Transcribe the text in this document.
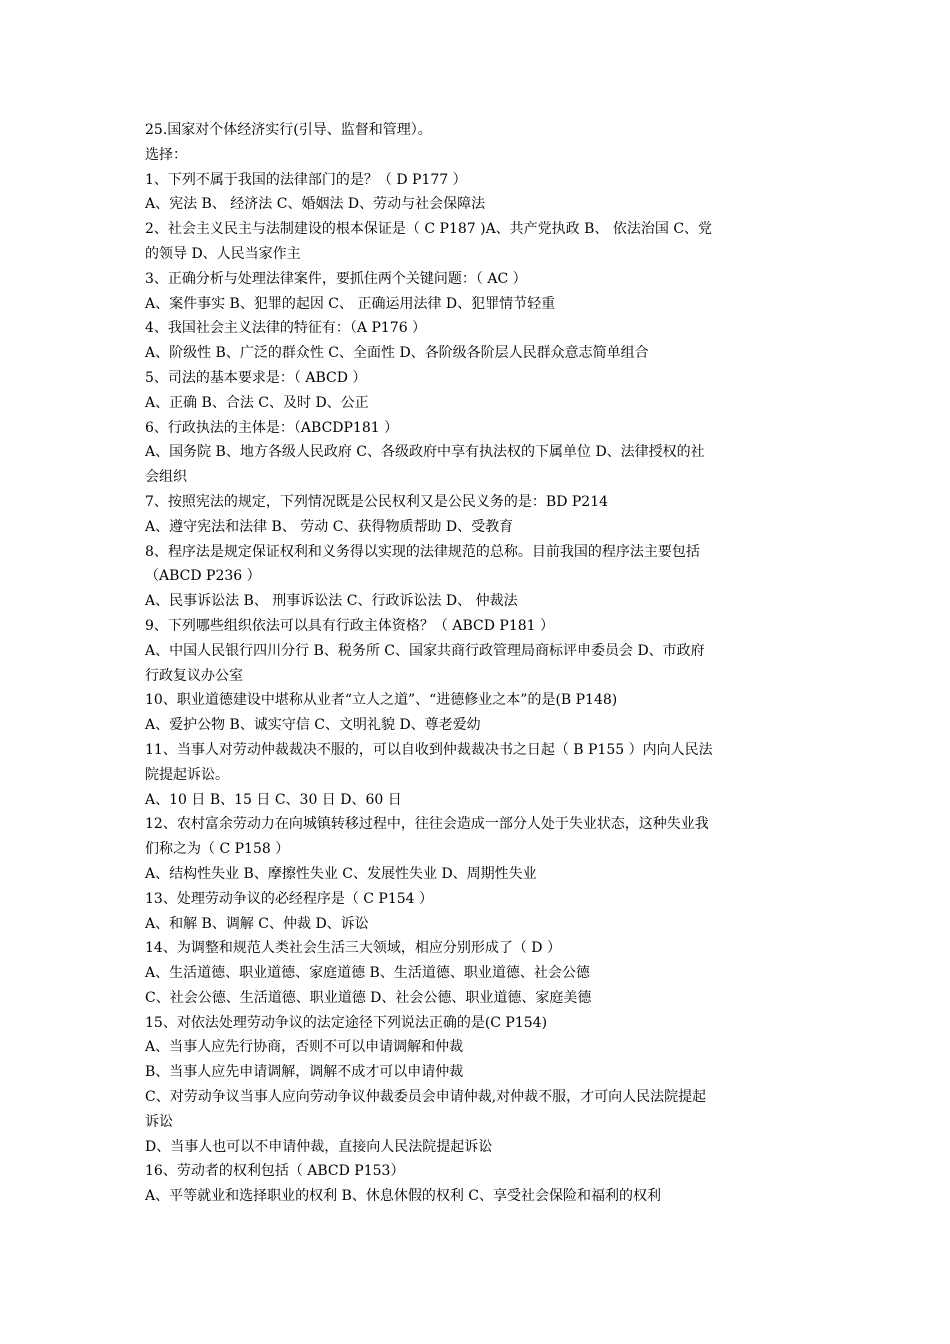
25.国家对个体经济实行(引导、监督和管理）。
选择：
1、下列不属于我国的法律部门的是？（ D P177 ）
A、宪法 B、 经济法 C、婚姻法 D、劳动与社会保障法
2、社会主义民主与法制建设的根本保证是（ C P187 )A、共产党执政 B、 依法治国 C、党
的领导 D、人民当家作主
3、正确分析与处理法律案件，要抓住两个关键问题：（ AC ）
A、案件事实 B、犯罪的起因 C、 正确运用法律 D、犯罪情节轻重
4、我国社会主义法律的特征有：（A P176 ）
A、阶级性 B、广泛的群众性 C、全面性 D、各阶级各阶层人民群众意志简单组合
5、司法的基本要求是：（ ABCD ）
A、正确 B、合法 C、及时 D、公正
6、行政执法的主体是：（ABCDP181 ）
A、国务院 B、地方各级人民政府 C、各级政府中享有执法权的下属单位 D、法律授权的社
会组织
7、按照宪法的规定，下列情况既是公民权利又是公民义务的是：BD P214
A、遵守宪法和法律 B、 劳动 C、获得物质帮助 D、受教育
8、程序法是规定保证权利和义务得以实现的法律规范的总称。目前我国的程序法主要包括
（ABCD P236 ）
A、民事诉讼法 B、 刑事诉讼法 C、行政诉讼法 D、 仲裁法
9、下列哪些组织依法可以具有行政主体资格？（ ABCD P181 ）
A、中国人民银行四川分行 B、税务所 C、国家共商行政管理局商标评申委员会 D、市政府
行政复议办公室
10、职业道德建设中堪称从业者“立人之道”、“进德修业之本”的是(B P148)
A、爱护公物 B、诚实守信 C、文明礼貌 D、尊老爱幼
11、当事人对劳动仲裁裁决不服的，可以自收到仲裁裁决书之日起（ B P155 ）内向人民法
院提起诉讼。
A、10 日 B、15 日 C、30 日 D、60 日
12、农村富余劳动力在向城镇转移过程中，往往会造成一部分人处于失业状态，这种失业我
们称之为（ C P158 ）
A、结构性失业 B、摩擦性失业 C、发展性失业 D、周期性失业
13、处理劳动争议的必经程序是（ C P154 ）
A、和解 B、调解 C、仲裁 D、诉讼
14、为调整和规范人类社会生活三大领域，相应分别形成了（ D ）
A、生活道德、职业道德、家庭道德 B、生活道德、职业道德、社会公德
C、社会公德、生活道德、职业道德 D、社会公德、职业道德、家庭美德
15、对依法处理劳动争议的法定途径下列说法正确的是(C P154)
A、当事人应先行协商，否则不可以申请调解和仲裁
B、当事人应先申请调解，调解不成才可以申请仲裁
C、对劳动争议当事人应向劳动争议仲裁委员会申请仲裁,对仲裁不服，才可向人民法院提起
诉讼
D、当事人也可以不申请仲裁，直接向人民法院提起诉讼
16、劳动者的权利包括（ ABCD P153）
A、平等就业和选择职业的权利 B、休息休假的权利 C、享受社会保险和福利的权利
